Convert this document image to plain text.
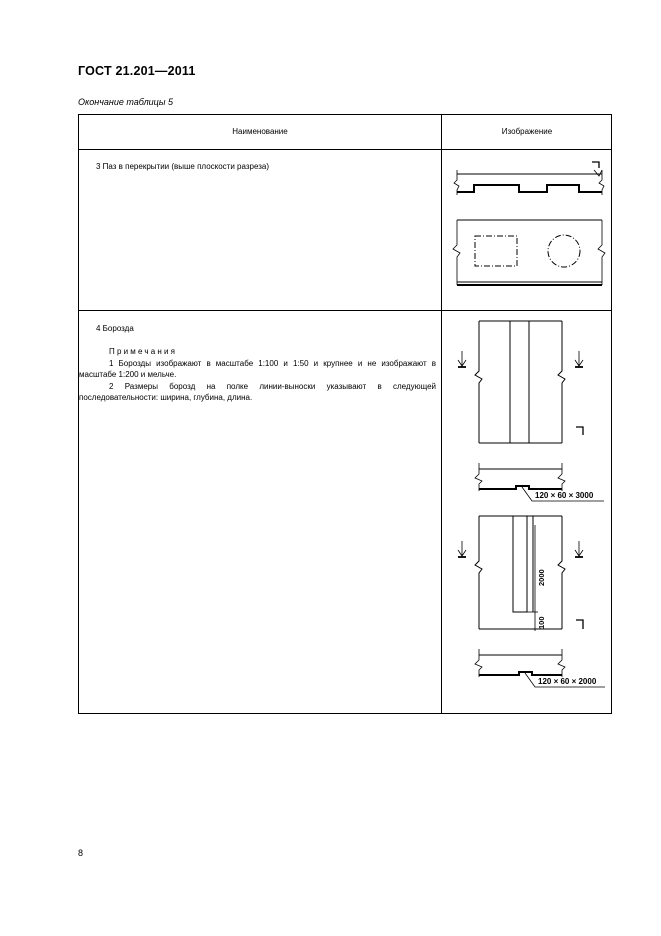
ГОСТ 21.201—2011
Окончание таблицы 5
Наименование	Изображение
3 Паз в перекрытии (выше плоскости разреза)
4 Борозда
Примечания
1 Борозды изображают в масштабе 1:100 и 1:50 и крупнее и не изображают в масштабе 1:200 и мельче.
2 Размеры борозд на полке линии-выноски указывают в следующей последовательности: ширина, глубина, длина.
120 × 60 × 3000
120 × 60 × 2000
2000
100
8
